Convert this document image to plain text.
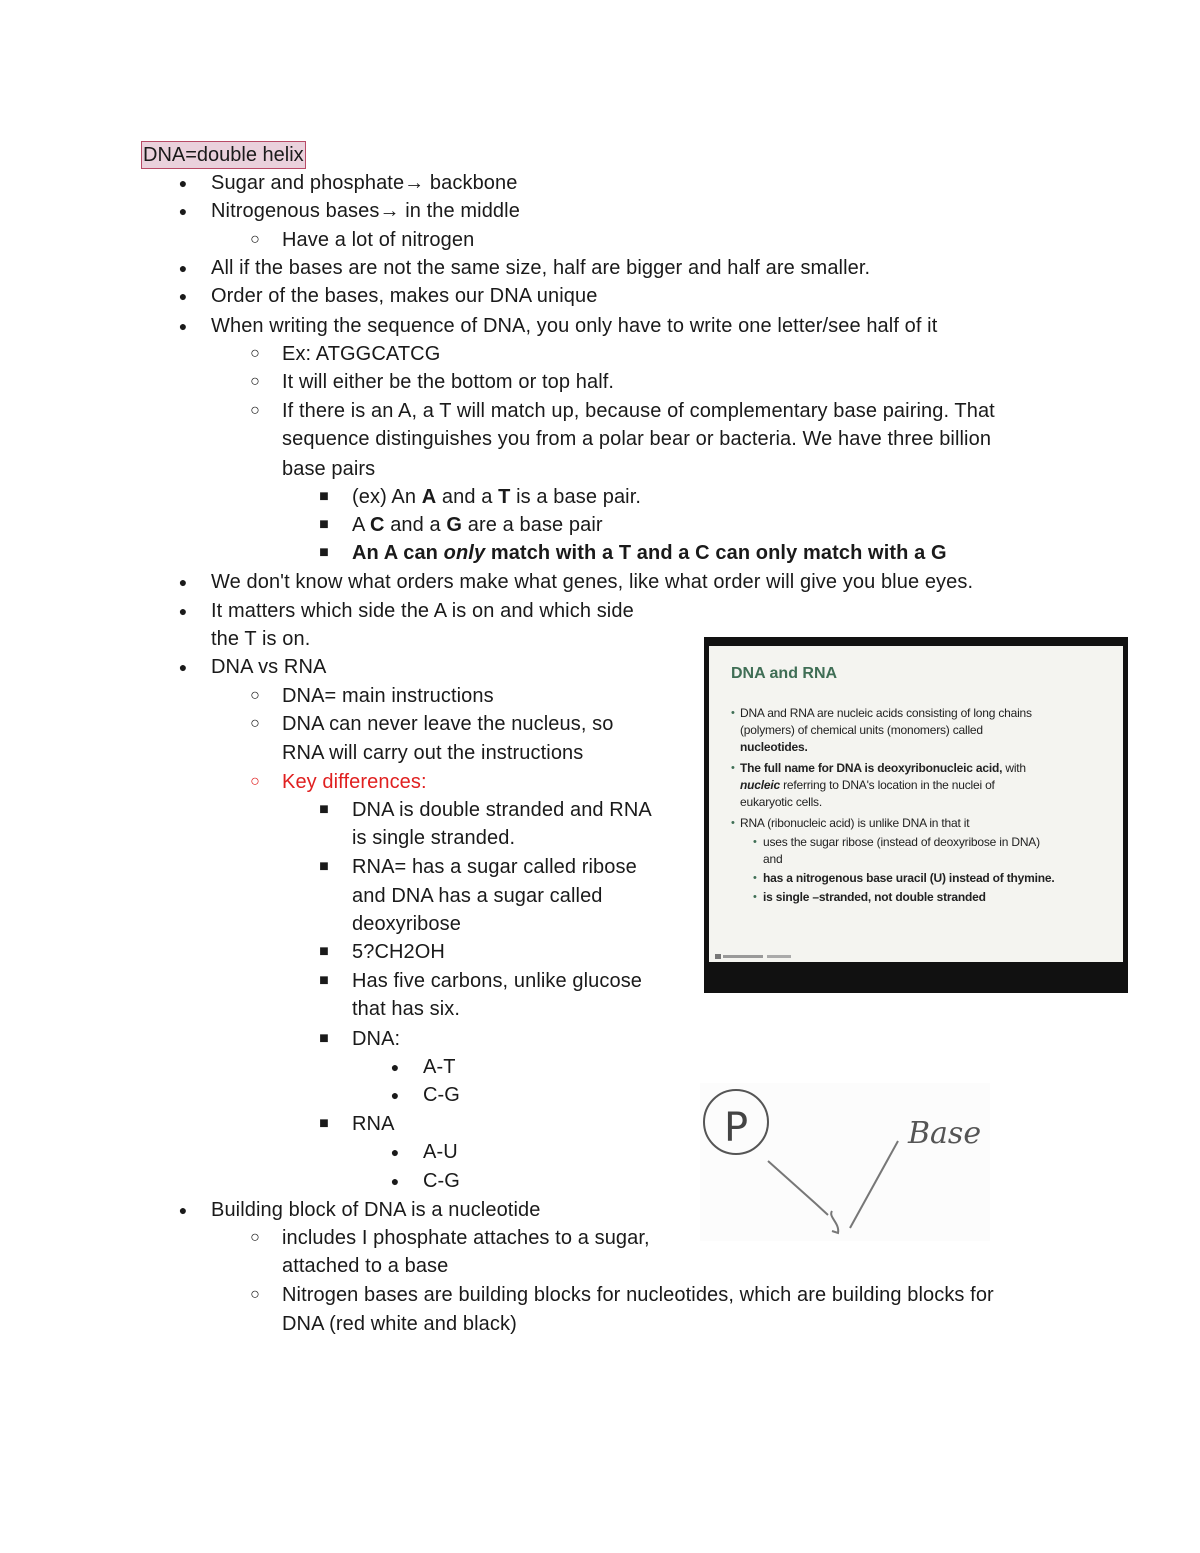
DNA=double helix
● Sugar and phosphate→ backbone
● Nitrogenous bases→ in the middle
○ Have a lot of nitrogen
● All if the bases are not the same size, half are bigger and half are smaller.
● Order of the bases, makes our DNA unique
● When writing the sequence of DNA, you only have to write one letter/see half of it
○ Ex: ATGGCATCG
○ It will either be the bottom or top half.
○ If there is an A, a T will match up, because of complementary base pairing. That
sequence distinguishes you from a polar bear or bacteria. We have three billion
base pairs
■ (ex) An A and a T is a base pair.
■ A C and a G are a base pair
■ An A can only match with a T and a C can only match with a G
● We don't know what orders make what genes, like what order will give you blue eyes.
● It matters which side the A is on and which side
the T is on.
● DNA vs RNA
○ DNA= main instructions
○ DNA can never leave the nucleus, so
RNA will carry out the instructions
○ Key differences:
■ DNA is double stranded and RNA
is single stranded.
■ RNA= has a sugar called ribose
and DNA has a sugar called
deoxyribose
■ 5?CH2OH
■ Has five carbons, unlike glucose
that has six.
■ DNA:
● A-T
● C-G
■ RNA
● A-U
● C-G
● Building block of DNA is a nucleotide
○ includes I phosphate attaches to a sugar,
attached to a base
○ Nitrogen bases are building blocks for nucleotides, which are building blocks for
DNA (red white and black)
DNA and RNA
• DNA and RNA are nucleic acids consisting of long chains
(polymers) of chemical units (monomers) called
nucleotides.
• The full name for DNA is deoxyribonucleic acid, with
nucleic referring to DNA's location in the nuclei of
eukaryotic cells.
• RNA (ribonucleic acid) is unlike DNA in that it
• uses the sugar ribose (instead of deoxyribose in DNA)
and
• has a nitrogenous base uracil (U) instead of thymine.
• is single –stranded, not double stranded
P	Base
